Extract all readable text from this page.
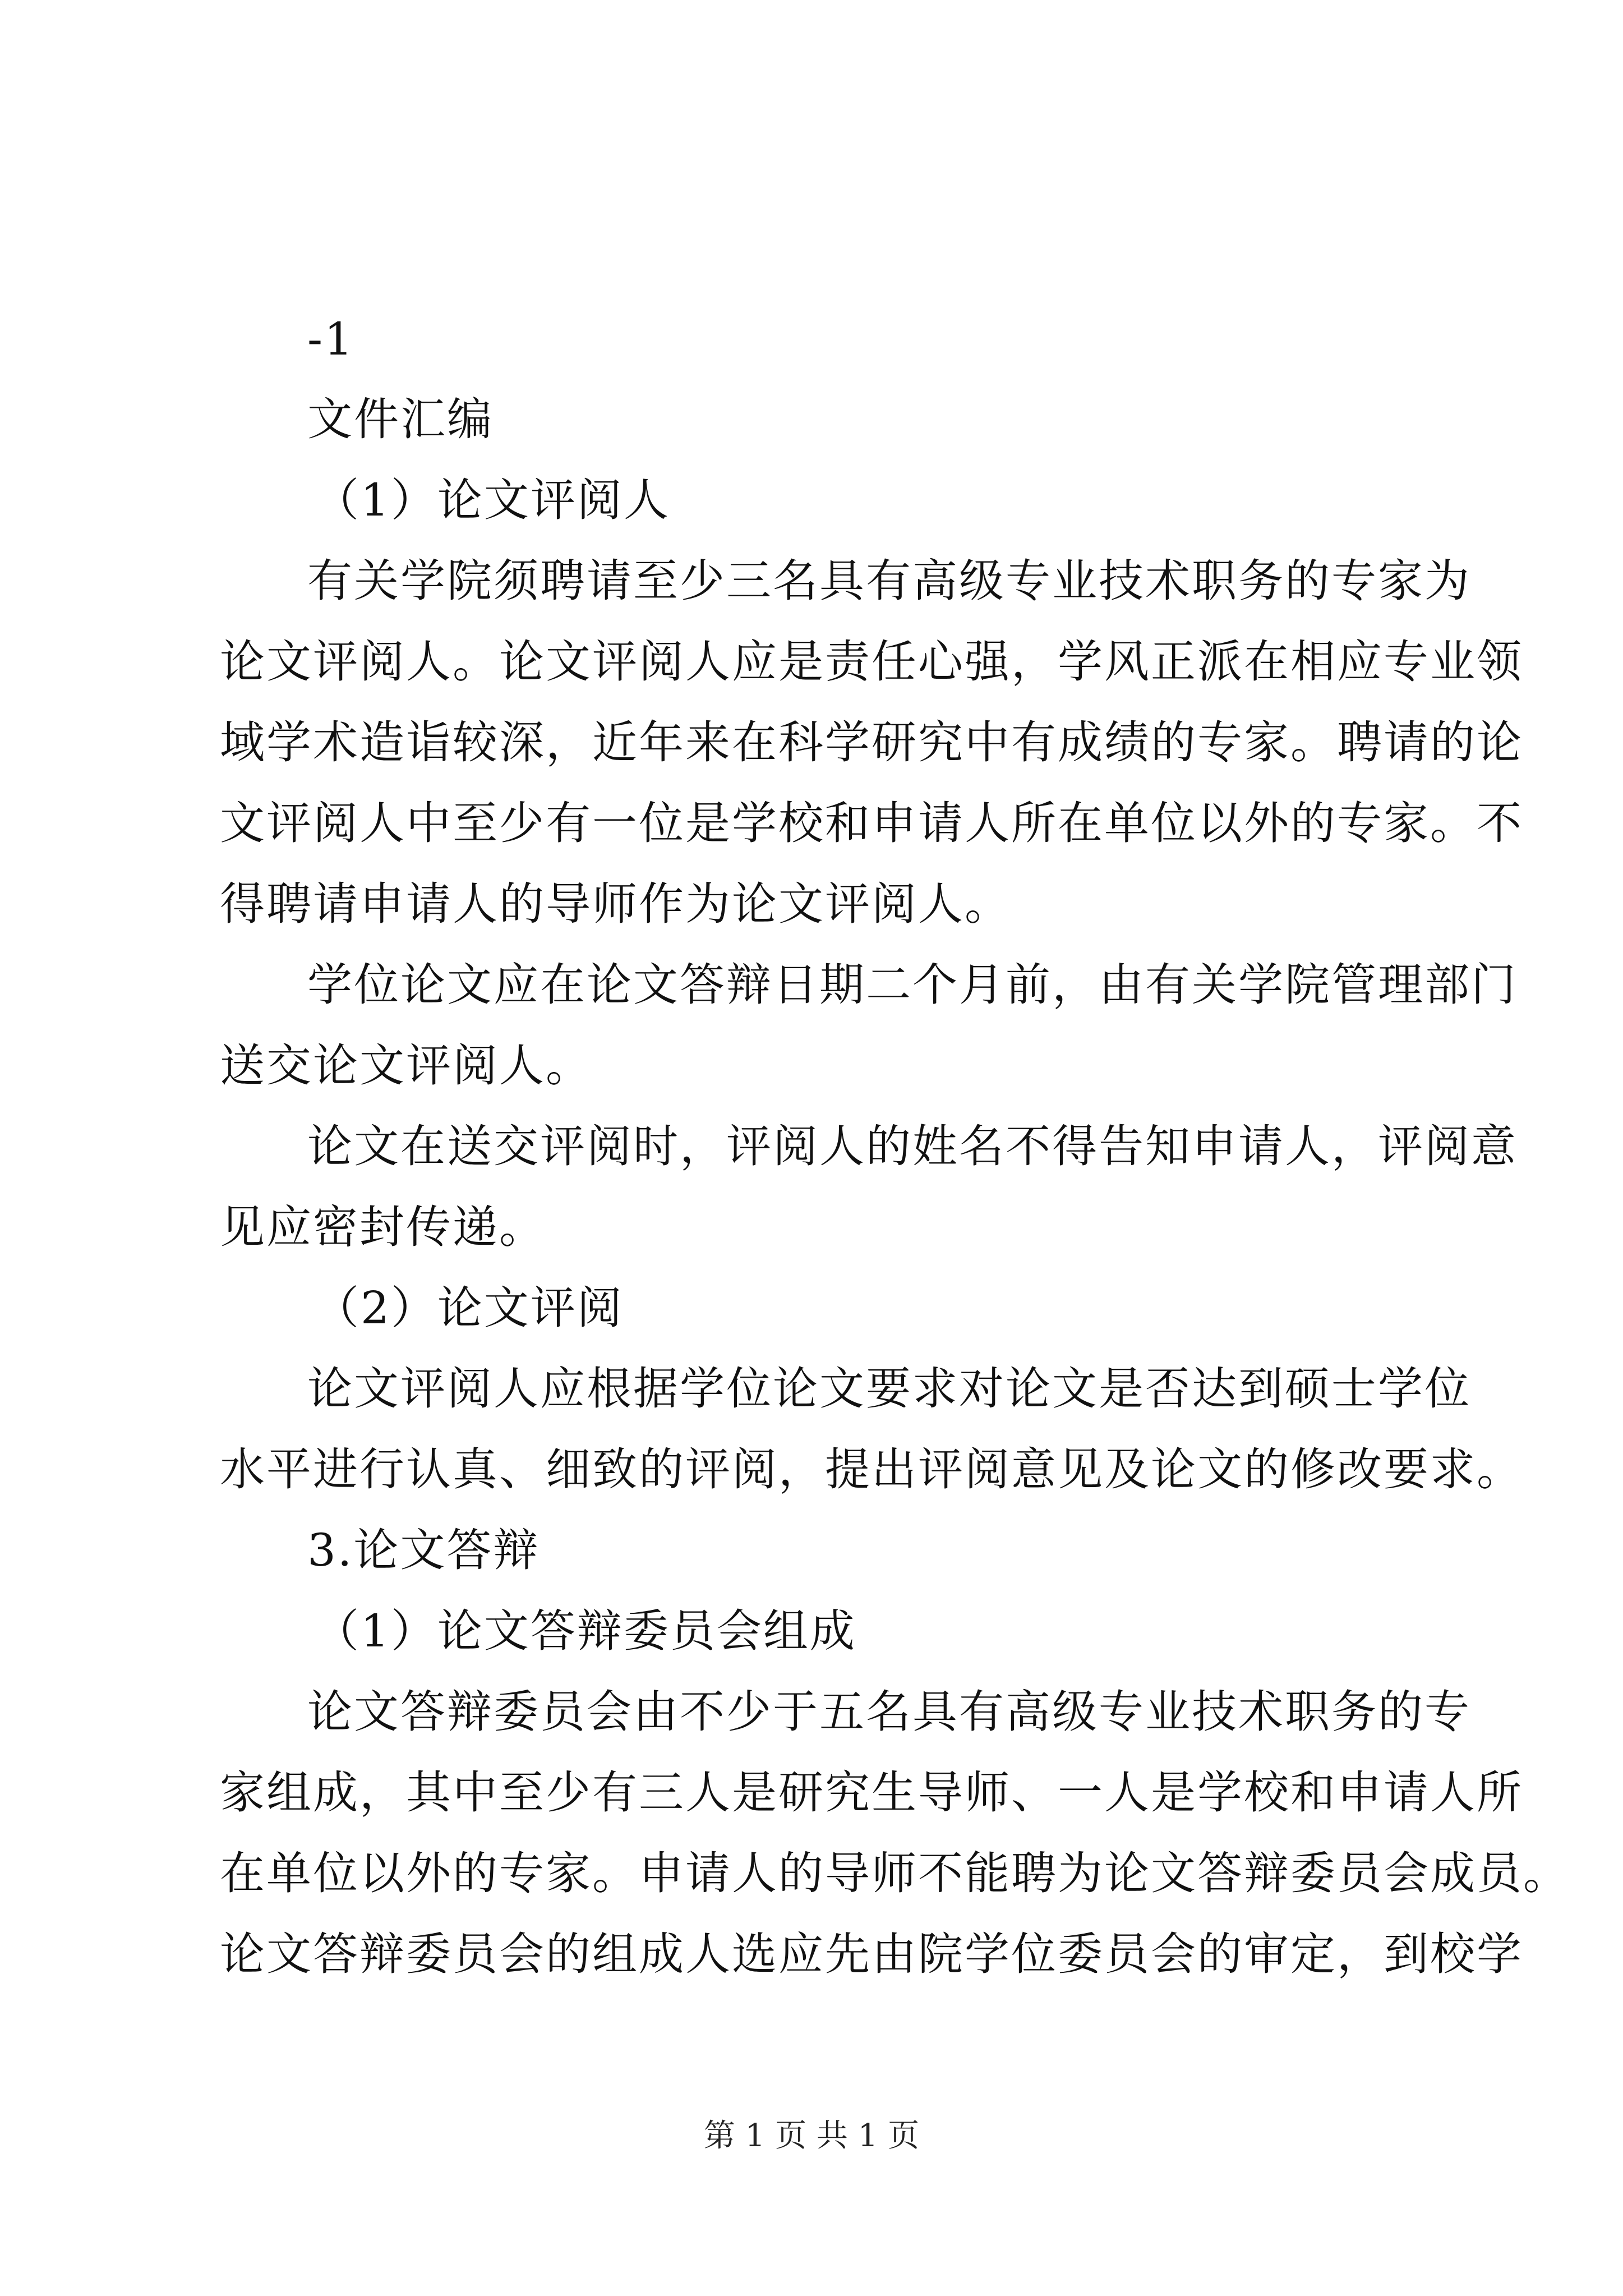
-1
文件汇编
（1）论文评阅人
有关学院须聘请至少三名具有高级专业技术职务的专家为
论文评阅人。论文评阅人应是责任心强，学风正派在相应专业领
域学术造诣较深，近年来在科学研究中有成绩的专家。聘请的论
文评阅人中至少有一位是学校和申请人所在单位以外的专家。不
得聘请申请人的导师作为论文评阅人。
学位论文应在论文答辩日期二个月前，由有关学院管理部门
送交论文评阅人。
论文在送交评阅时，评阅人的姓名不得告知申请人，评阅意
见应密封传递。
（2）论文评阅
论文评阅人应根据学位论文要求对论文是否达到硕士学位
水平进行认真、细致的评阅，提出评阅意见及论文的修改要求。
3.论文答辩
（1）论文答辩委员会组成
论文答辩委员会由不少于五名具有高级专业技术职务的专
家组成，其中至少有三人是研究生导师、一人是学校和申请人所
在单位以外的专家。申请人的导师不能聘为论文答辩委员会成员。
论文答辩委员会的组成人选应先由院学位委员会的审定，到校学
第 1 页 共 1 页
